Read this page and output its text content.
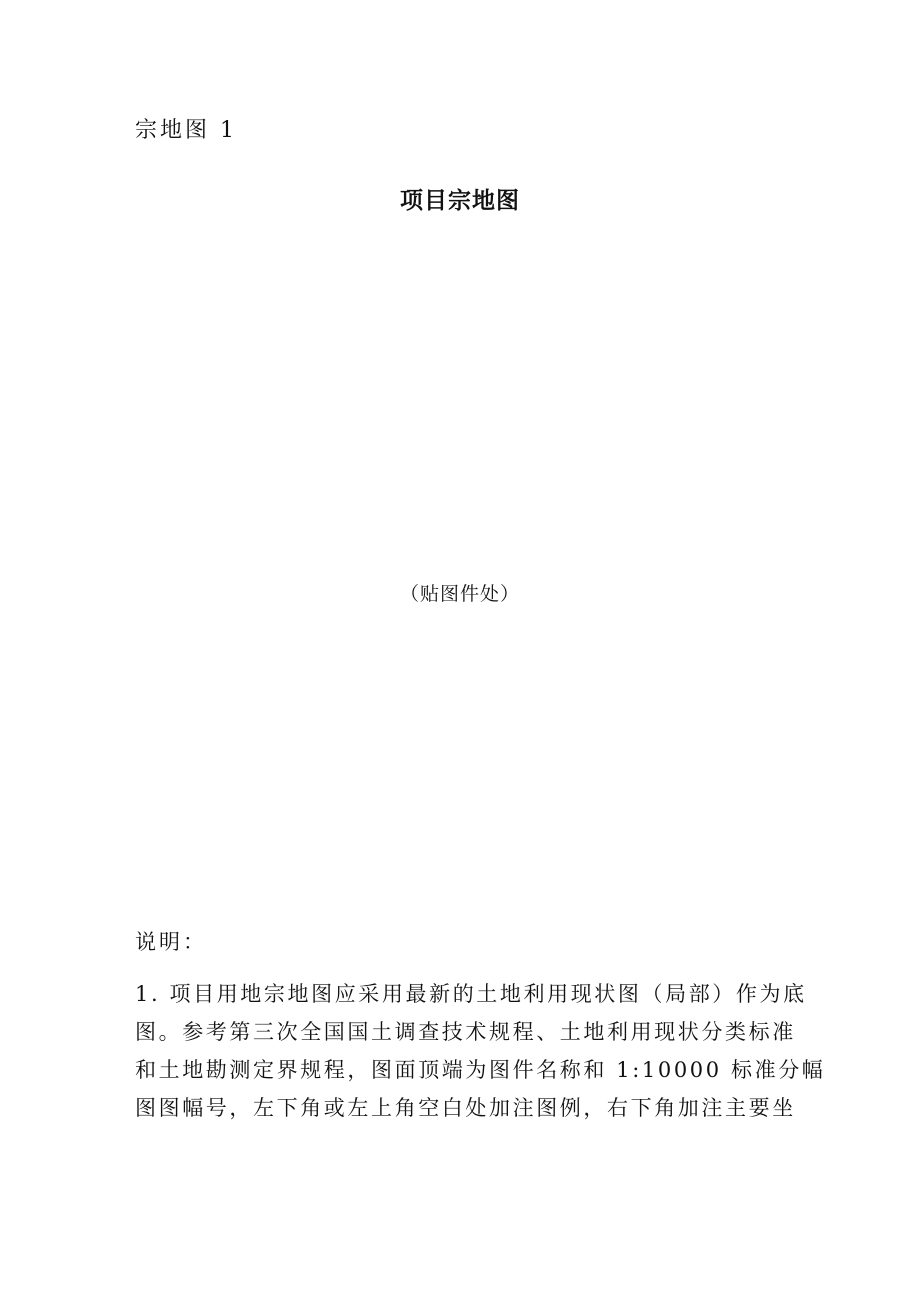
宗地图 1
项目宗地图
（贴图件处）
说明：
1. 项目用地宗地图应采用最新的土地利用现状图（局部）作为底
图。参考第三次全国国土调查技术规程、土地利用现状分类标准
和土地勘测定界规程，图面顶端为图件名称和 1:10000 标准分幅
图图幅号，左下角或左上角空白处加注图例，右下角加注主要坐
